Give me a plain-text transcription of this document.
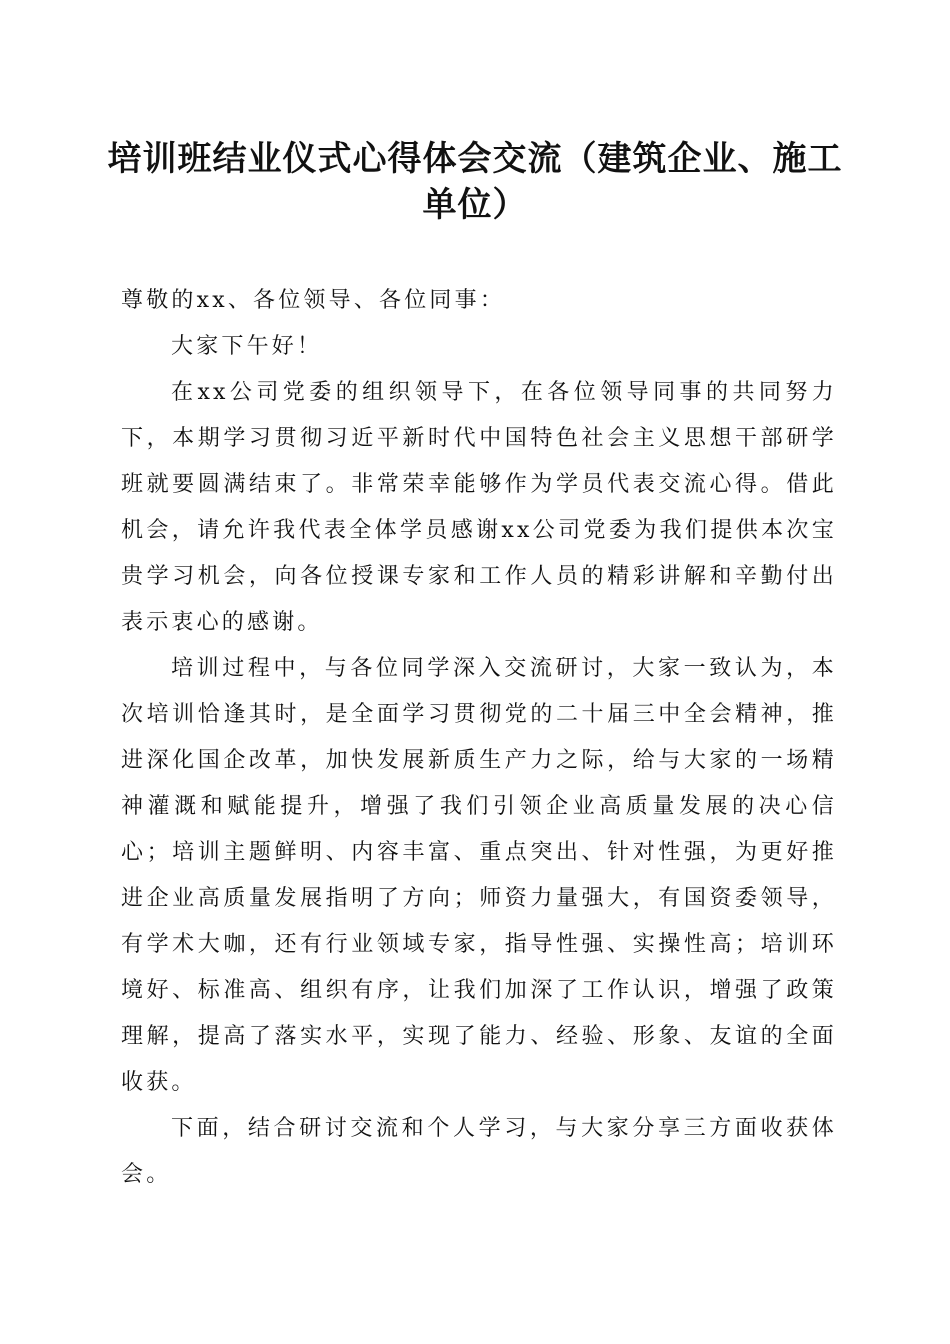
培训班结业仪式心得体会交流（建筑企业、施工单位）

尊敬的xx、各位领导、各位同事：

大家下午好！

在xx公司党委的组织领导下，在各位领导同事的共同努力下，本期学习贯彻习近平新时代中国特色社会主义思想干部研学班就要圆满结束了。非常荣幸能够作为学员代表交流心得。借此机会，请允许我代表全体学员感谢xx公司党委为我们提供本次宝贵学习机会，向各位授课专家和工作人员的精彩讲解和辛勤付出表示衷心的感谢。

培训过程中，与各位同学深入交流研讨，大家一致认为，本次培训恰逢其时，是全面学习贯彻党的二十届三中全会精神，推进深化国企改革，加快发展新质生产力之际，给与大家的一场精神灌溉和赋能提升，增强了我们引领企业高质量发展的决心信心；培训主题鲜明、内容丰富、重点突出、针对性强，为更好推进企业高质量发展指明了方向；师资力量强大，有国资委领导，有学术大咖，还有行业领域专家，指导性强、实操性高；培训环境好、标准高、组织有序，让我们加深了工作认识，增强了政策理解，提高了落实水平，实现了能力、经验、形象、友谊的全面收获。

下面，结合研讨交流和个人学习，与大家分享三方面收获体会。
